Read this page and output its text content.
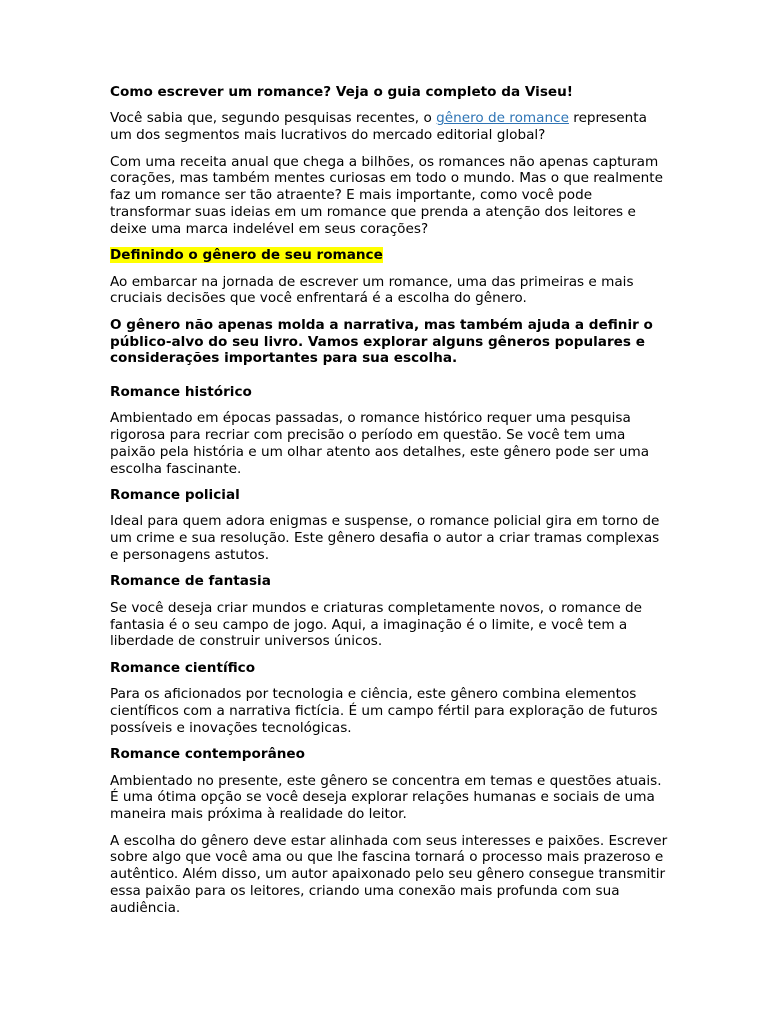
Como escrever um romance? Veja o guia completo da Viseu!

Você sabia que, segundo pesquisas recentes, o gênero de romance representa um dos segmentos mais lucrativos do mercado editorial global?

Com uma receita anual que chega a bilhões, os romances não apenas capturam corações, mas também mentes curiosas em todo o mundo. Mas o que realmente faz um romance ser tão atraente? E mais importante, como você pode transformar suas ideias em um romance que prenda a atenção dos leitores e deixe uma marca indelével em seus corações?

Definindo o gênero de seu romance

Ao embarcar na jornada de escrever um romance, uma das primeiras e mais cruciais decisões que você enfrentará é a escolha do gênero.

O gênero não apenas molda a narrativa, mas também ajuda a definir o público-alvo do seu livro. Vamos explorar alguns gêneros populares e considerações importantes para sua escolha.

Romance histórico

Ambientado em épocas passadas, o romance histórico requer uma pesquisa rigorosa para recriar com precisão o período em questão. Se você tem uma paixão pela história e um olhar atento aos detalhes, este gênero pode ser uma escolha fascinante.

Romance policial

Ideal para quem adora enigmas e suspense, o romance policial gira em torno de um crime e sua resolução. Este gênero desafia o autor a criar tramas complexas e personagens astutos.

Romance de fantasia

Se você deseja criar mundos e criaturas completamente novos, o romance de fantasia é o seu campo de jogo. Aqui, a imaginação é o limite, e você tem a liberdade de construir universos únicos.

Romance científico

Para os aficionados por tecnologia e ciência, este gênero combina elementos científicos com a narrativa fictícia. É um campo fértil para exploração de futuros possíveis e inovações tecnológicas.

Romance contemporâneo

Ambientado no presente, este gênero se concentra em temas e questões atuais. É uma ótima opção se você deseja explorar relações humanas e sociais de uma maneira mais próxima à realidade do leitor.

A escolha do gênero deve estar alinhada com seus interesses e paixões. Escrever sobre algo que você ama ou que lhe fascina tornará o processo mais prazeroso e autêntico. Além disso, um autor apaixonado pelo seu gênero consegue transmitir essa paixão para os leitores, criando uma conexão mais profunda com sua audiência.
